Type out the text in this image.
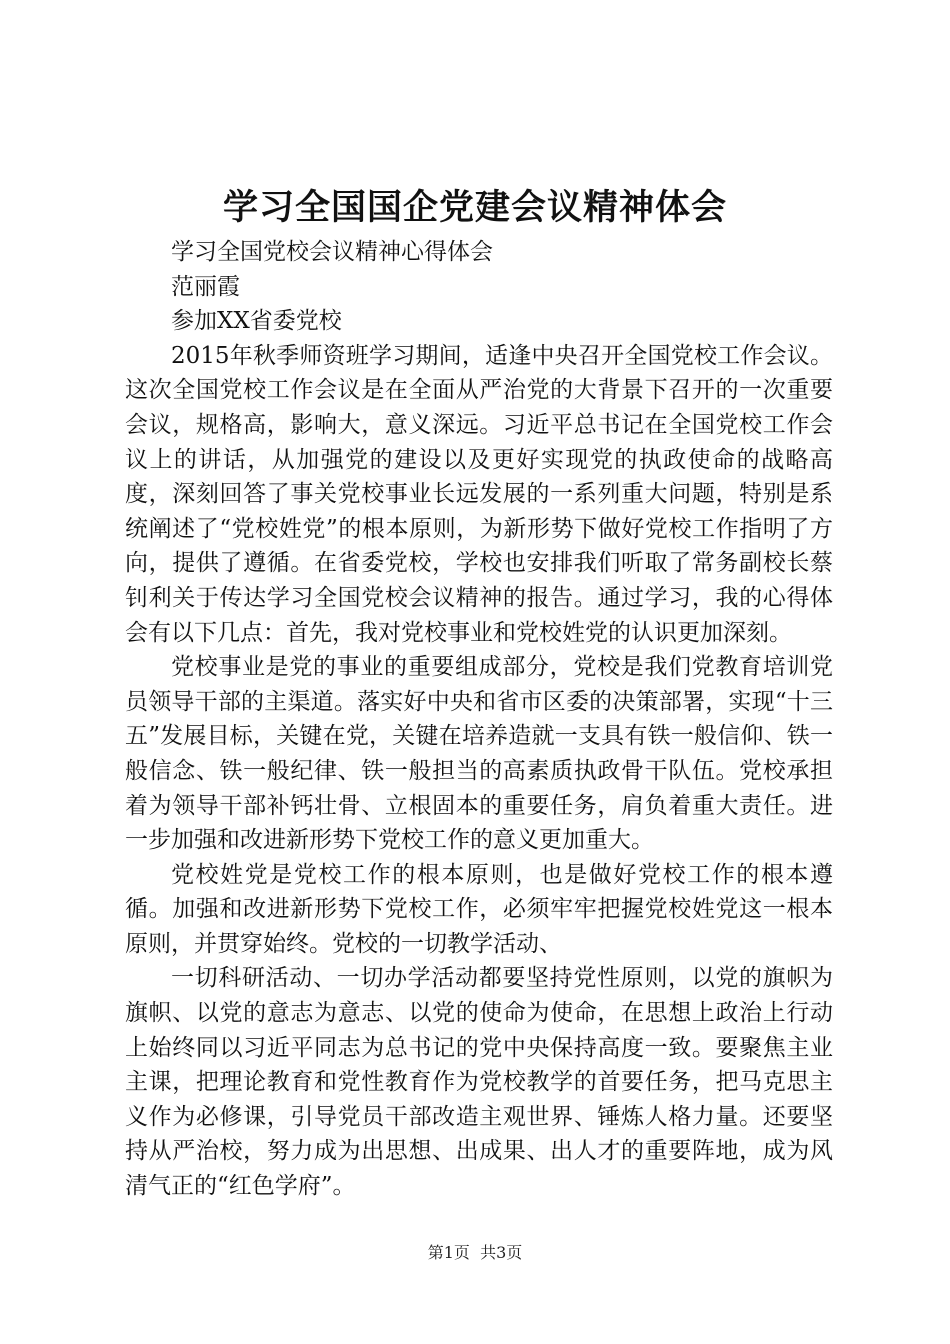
学习全国国企党建会议精神体会

学习全国党校会议精神心得体会

范丽霞

参加XX省委党校

2015年秋季师资班学习期间，适逢中央召开全国党校工作会议。这次全国党校工作会议是在全面从严治党的大背景下召开的一次重要会议，规格高，影响大，意义深远。习近平总书记在全国党校工作会议上的讲话，从加强党的建设以及更好实现党的执政使命的战略高度，深刻回答了事关党校事业长远发展的一系列重大问题，特别是系统阐述了“党校姓党”的根本原则，为新形势下做好党校工作指明了方向，提供了遵循。在省委党校，学校也安排我们听取了常务副校长蔡钊利关于传达学习全国党校会议精神的报告。通过学习，我的心得体会有以下几点：首先，我对党校事业和党校姓党的认识更加深刻。

党校事业是党的事业的重要组成部分，党校是我们党教育培训党员领导干部的主渠道。落实好中央和省市区委的决策部署，实现“十三五”发展目标，关键在党，关键在培养造就一支具有铁一般信仰、铁一般信念、铁一般纪律、铁一般担当的高素质执政骨干队伍。党校承担着为领导干部补钙壮骨、立根固本的重要任务，肩负着重大责任。进一步加强和改进新形势下党校工作的意义更加重大。

党校姓党是党校工作的根本原则，也是做好党校工作的根本遵循。加强和改进新形势下党校工作，必须牢牢把握党校姓党这一根本原则，并贯穿始终。党校的一切教学活动、

一切科研活动、一切办学活动都要坚持党性原则，以党的旗帜为旗帜、以党的意志为意志、以党的使命为使命，在思想上政治上行动上始终同以习近平同志为总书记的党中央保持高度一致。要聚焦主业主课，把理论教育和党性教育作为党校教学的首要任务，把马克思主义作为必修课，引导党员干部改造主观世界、锤炼人格力量。还要坚持从严治校，努力成为出思想、出成果、出人才的重要阵地，成为风清气正的“红色学府”。

第1页  共3页
